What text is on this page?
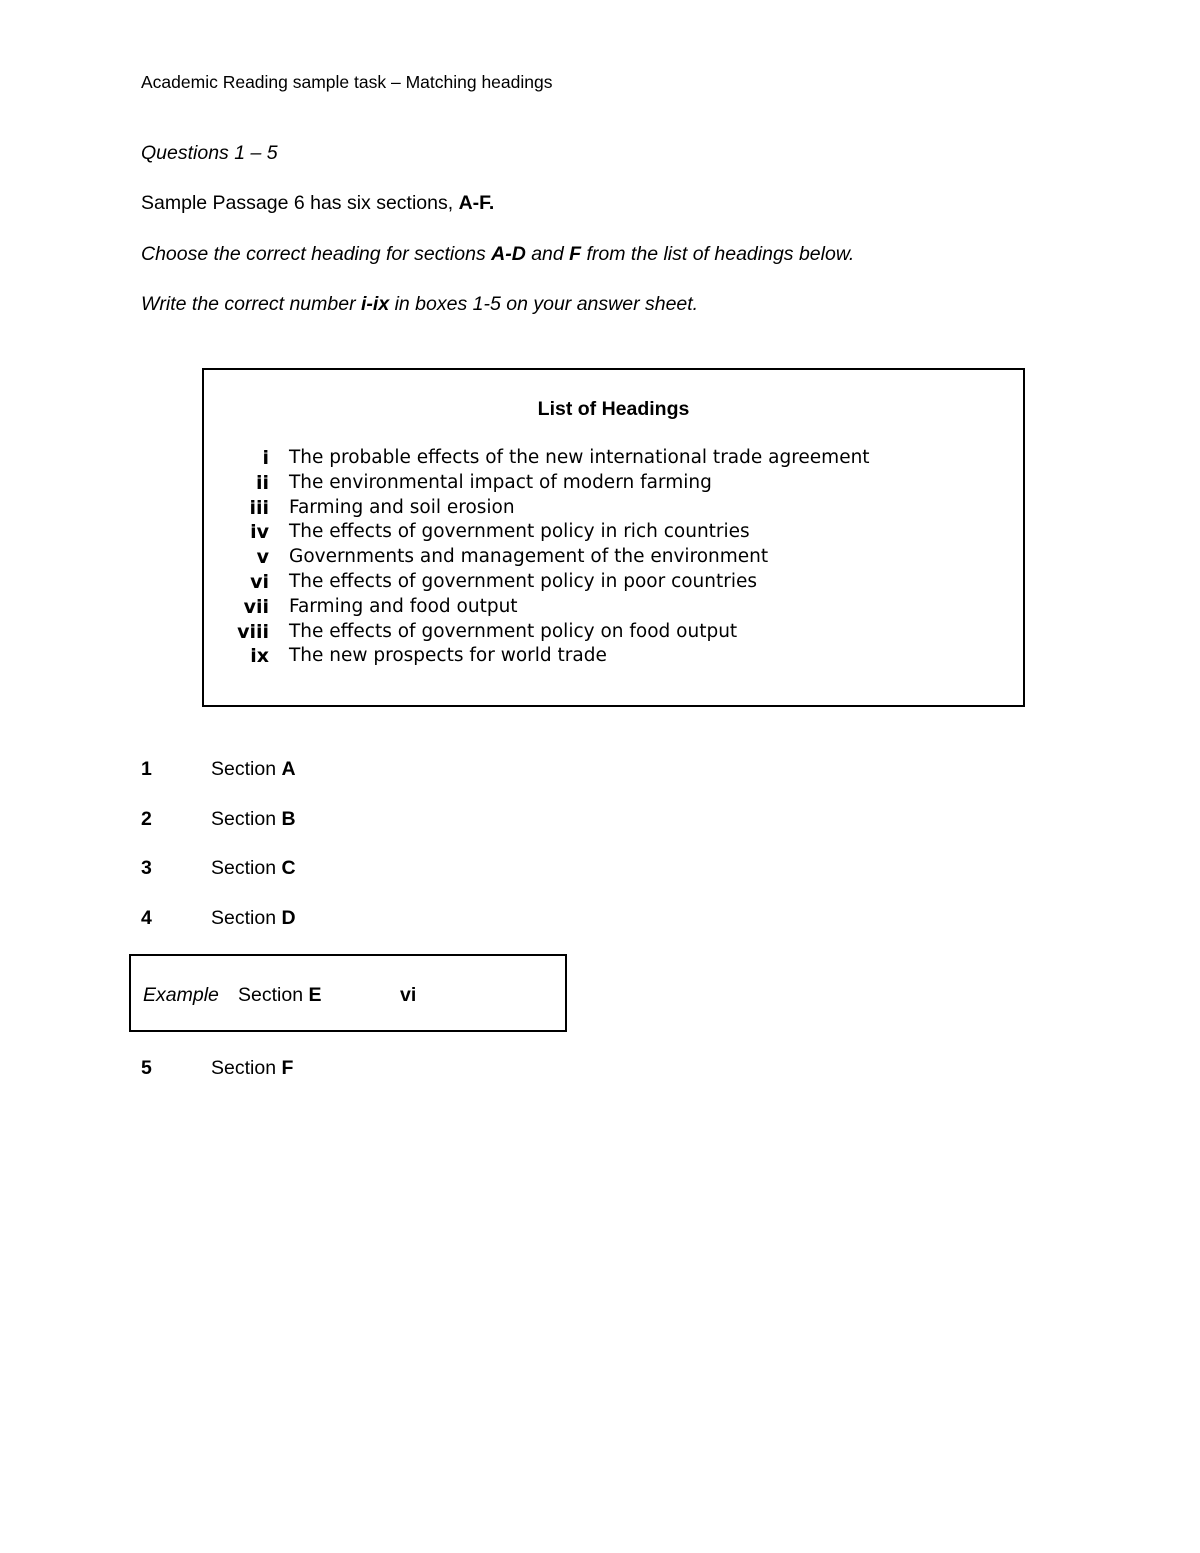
Academic Reading sample task – Matching headings
Questions 1 – 5
Sample Passage 6 has six sections, A-F.
Choose the correct heading for sections A-D and F from the list of headings below.
Write the correct number i-ix in boxes 1-5 on your answer sheet.
List of Headings
i The probable effects of the new international trade agreement
ii The environmental impact of modern farming
iii Farming and soil erosion
iv The effects of government policy in rich countries
v Governments and management of the environment
vi The effects of government policy in poor countries
vii Farming and food output
viii The effects of government policy on food output
ix The new prospects for world trade
1	Section A
2	Section B
3	Section C
4	Section D
Example Section E	vi
5	Section F
